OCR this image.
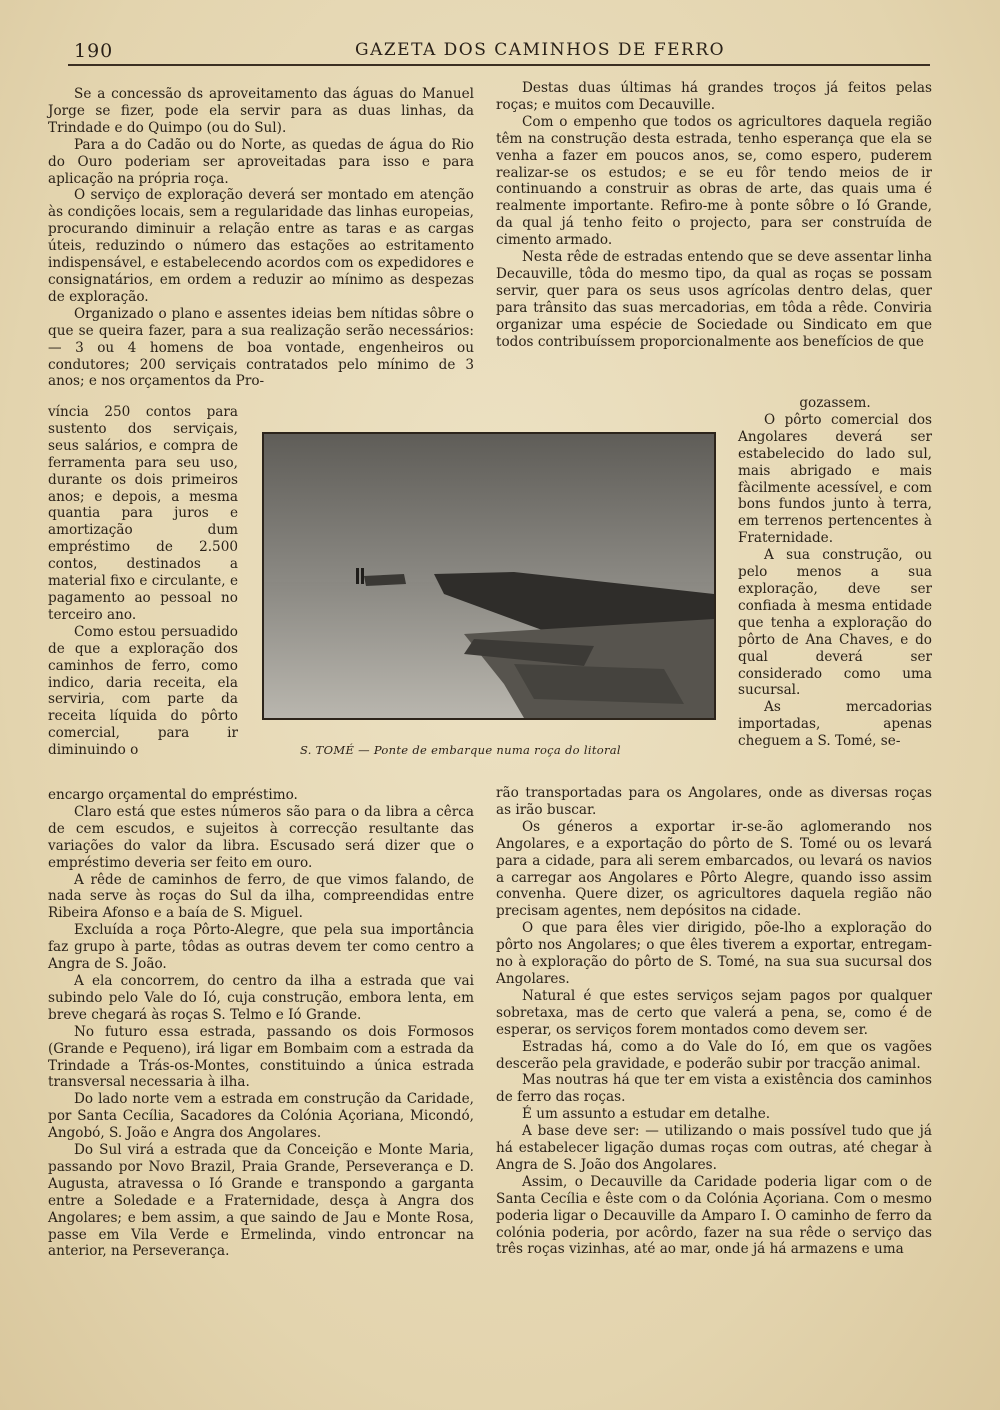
190	GAZETA DOS CAMINHOS DE FERRO

Se a concessão ds aproveitamento das águas do Manuel Jorge se fizer, pode ela servir para as duas linhas, da Trindade e do Quimpo (ou do Sul).

Para a do Cadão ou do Norte, as quedas de água do Rio do Ouro poderiam ser aproveitadas para isso e para aplicação na própria roça.

O serviço de exploração deverá ser montado em atenção às condições locais, sem a regularidade das linhas europeias, procurando diminuir a relação entre as taras e as cargas úteis, reduzindo o número das estações ao estritamento indispensável, e estabelecendo acordos com os expedidores e consignatários, em ordem a reduzir ao mínimo as despezas de exploração.

Organizado o plano e assentes ideias bem nítidas sôbre o que se queira fazer, para a sua realização serão necessários: — 3 ou 4 homens de boa vontade, engenheiros ou condutores; 200 serviçais contratados pelo mínimo de 3 anos; e nos orçamentos da Pro-

víncia 250 contos para sustento dos serviçais, seus salários, e compra de ferramenta para seu uso, durante os dois primeiros anos; e depois, a mesma quantia para juros e amortização dum empréstimo de 2.500 contos, destinados a material fixo e circulante, e pagamento ao pessoal no terceiro ano.

Como estou persuadido de que a exploração dos caminhos de ferro, como indico, daria receita, ela serviria, com parte da receita líquida do pôrto comercial, para ir diminuindo o

Destas duas últimas há grandes troços já feitos pelas roças; e muitos com Decauville.

Com o empenho que todos os agricultores daquela região têm na construção desta estrada, tenho esperança que ela se venha a fazer em poucos anos, se, como espero, puderem realizar-se os estudos; e se eu fôr tendo meios de ir continuando a construir as obras de arte, das quais uma é realmente importante. Refiro-me à ponte sôbre o Ió Grande, da qual já tenho feito o projecto, para ser construída de cimento armado.

Nesta rêde de estradas entendo que se deve assentar linha Decauville, tôda do mesmo tipo, da qual as roças se possam servir, quer para os seus usos agrícolas dentro delas, quer para trânsito das suas mercadorias, em tôda a rêde. Conviria organizar uma espécie de Sociedade ou Sindicato em que todos contribuíssem proporcionalmente aos benefícios de que

gozassem.

O pôrto comercial dos Angolares deverá ser estabelecido do lado sul, mais abrigado e mais fàcilmente acessível, e com bons fundos junto à terra, em terrenos pertencentes à Fraternidade.

A sua construção, ou pelo menos a sua exploração, deve ser confiada à mesma entidade que tenha a exploração do pôrto de Ana Chaves, e do qual deverá ser considerado como uma sucursal.

As mercadorias importadas, apenas cheguem a S. Tomé, se-

S. TOMÉ — Ponte de embarque numa roça do litoral

encargo orçamental do empréstimo.

Claro está que estes números são para o da libra a cêrca de cem escudos, e sujeitos à correcção resultante das variações do valor da libra. Escusado será dizer que o empréstimo deveria ser feito em ouro.

A rêde de caminhos de ferro, de que vimos falando, de nada serve às roças do Sul da ilha, compreendidas entre Ribeira Afonso e a baía de S. Miguel.

Excluída a roça Pôrto-Alegre, que pela sua importância faz grupo à parte, tôdas as outras devem ter como centro a Angra de S. João.

A ela concorrem, do centro da ilha a estrada que vai subindo pelo Vale do Ió, cuja construção, embora lenta, em breve chegará às roças S. Telmo e Ió Grande.

No futuro essa estrada, passando os dois Formosos (Grande e Pequeno), irá ligar em Bombaim com a estrada da Trindade a Trás-os-Montes, constituindo a única estrada transversal necessaria à ilha.

Do lado norte vem a estrada em construção da Caridade, por Santa Cecília, Sacadores da Colónia Açoriana, Micondó, Angobó, S. João e Angra dos Angolares.

Do Sul virá a estrada que da Conceição e Monte Maria, passando por Novo Brazil, Praia Grande, Perseverança e D. Augusta, atravessa o Ió Grande e transpondo a garganta entre a Soledade e a Fraternidade, desça à Angra dos Angolares; e bem assim, a que saindo de Jau e Monte Rosa, passe em Vila Verde e Ermelinda, vindo entroncar na anterior, na Perseverança.

rão transportadas para os Angolares, onde as diversas roças as irão buscar.

Os géneros a exportar ir-se-ão aglomerando nos Angolares, e a exportação do pôrto de S. Tomé ou os levará para a cidade, para ali serem embarcados, ou levará os navios a carregar aos Angolares e Pôrto Alegre, quando isso assim convenha. Quere dizer, os agricultores daquela região não precisam agentes, nem depósitos na cidade.

O que para êles vier dirigido, põe-lho a exploração do pôrto nos Angolares; o que êles tiverem a exportar, entregam-no à exploração do pôrto de S. Tomé, na sua sua sucursal dos Angolares.

Natural é que estes serviços sejam pagos por qualquer sobretaxa, mas de certo que valerá a pena, se, como é de esperar, os serviços forem montados como devem ser.

Estradas há, como a do Vale do Ió, em que os vagões descerão pela gravidade, e poderão subir por tracção animal.

Mas noutras há que ter em vista a existência dos caminhos de ferro das roças.

É um assunto a estudar em detalhe.

A base deve ser: — utilizando o mais possível tudo que já há estabelecer ligação dumas roças com outras, até chegar à Angra de S. João dos Angolares.

Assim, o Decauville da Caridade poderia ligar com o de Santa Cecília e êste com o da Colónia Açoriana. Com o mesmo poderia ligar o Decauville da Amparo I. O caminho de ferro da colónia poderia, por acôrdo, fazer na sua rêde o serviço das três roças vizinhas, até ao mar, onde já há armazens e uma
